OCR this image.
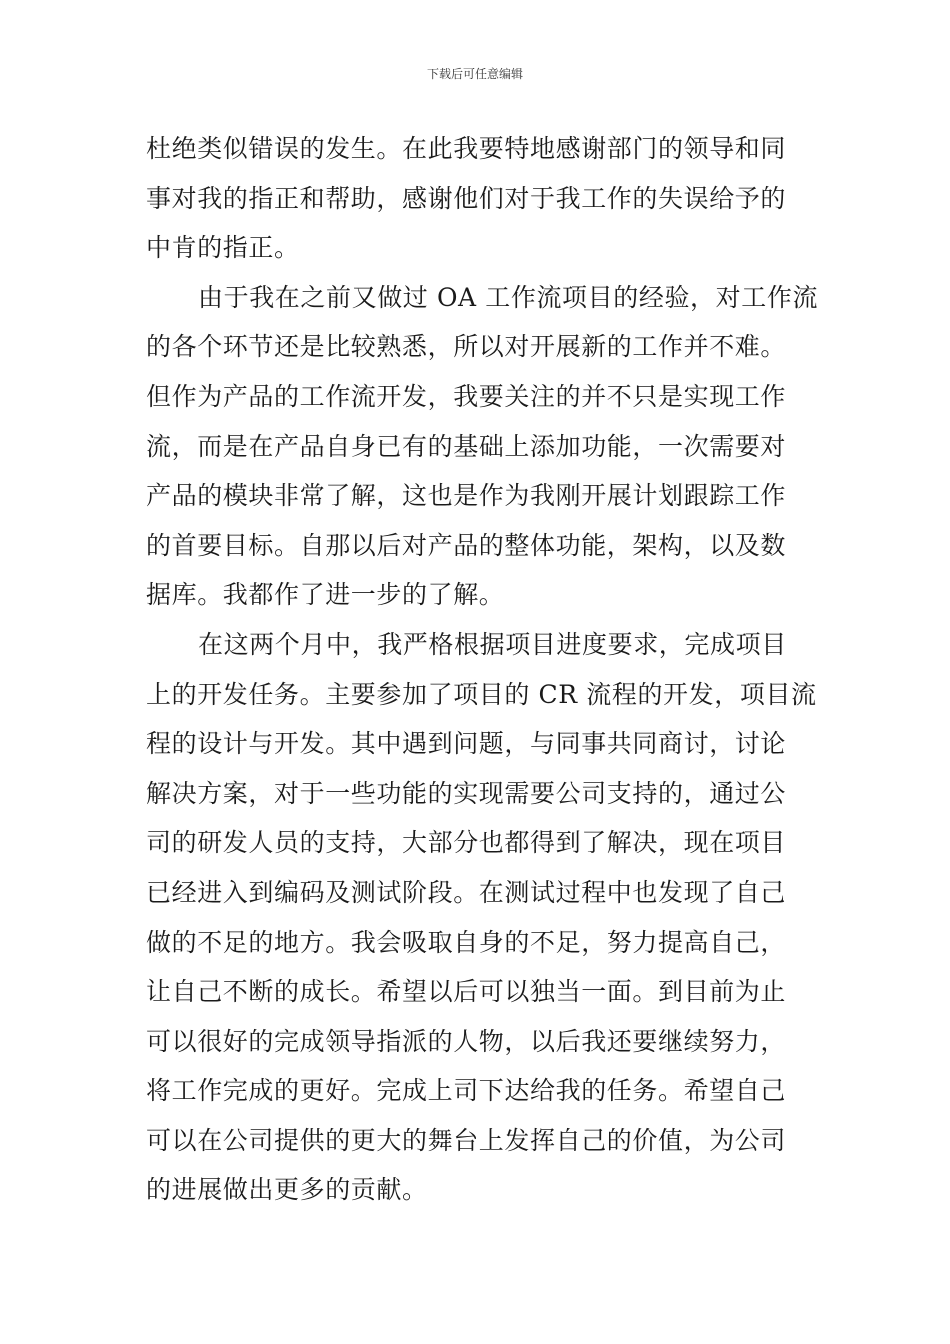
下载后可任意编辑
杜绝类似错误的发生。在此我要特地感谢部门的领导和同
事对我的指正和帮助，感谢他们对于我工作的失误给予的
中肯的指正。
由于我在之前又做过 OA 工作流项目的经验，对工作流
的各个环节还是比较熟悉，所以对开展新的工作并不难。
但作为产品的工作流开发，我要关注的并不只是实现工作
流，而是在产品自身已有的基础上添加功能，一次需要对
产品的模块非常了解，这也是作为我刚开展计划跟踪工作
的首要目标。自那以后对产品的整体功能，架构，以及数
据库。我都作了进一步的了解。
在这两个月中，我严格根据项目进度要求，完成项目
上的开发任务。主要参加了项目的 CR 流程的开发，项目流
程的设计与开发。其中遇到问题，与同事共同商讨，讨论
解决方案，对于一些功能的实现需要公司支持的，通过公
司的研发人员的支持，大部分也都得到了解决，现在项目
已经进入到编码及测试阶段。在测试过程中也发现了自己
做的不足的地方。我会吸取自身的不足，努力提高自己，
让自己不断的成长。希望以后可以独当一面。到目前为止
可以很好的完成领导指派的人物，以后我还要继续努力，
将工作完成的更好。完成上司下达给我的任务。希望自己
可以在公司提供的更大的舞台上发挥自己的价值，为公司
的进展做出更多的贡献。
